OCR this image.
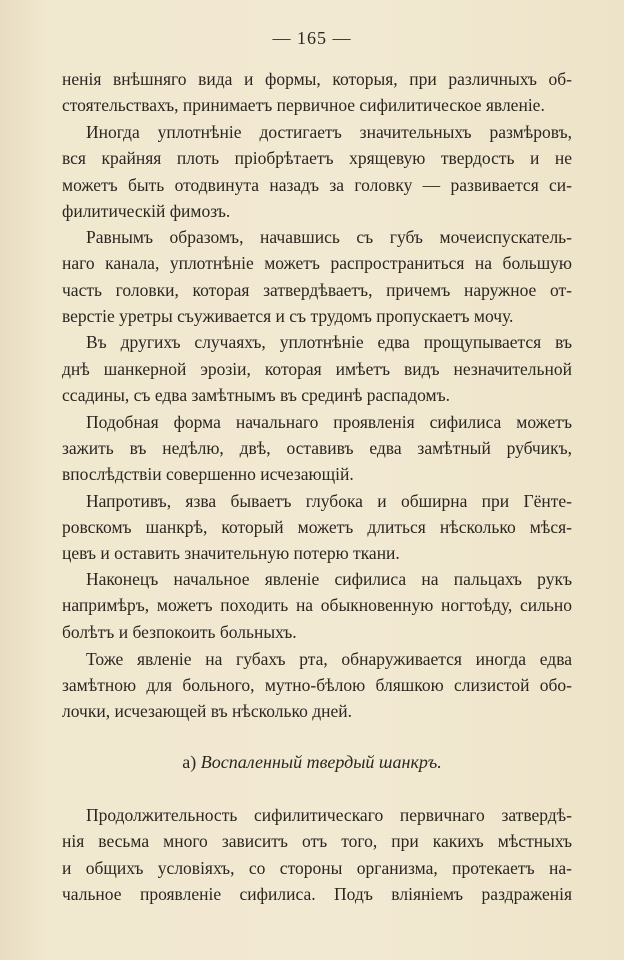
— 165 —
ненія внѣшняго вида и формы, которыя, при различныхъ об-
стоятельствахъ, принимаетъ первичное сифилитическое явленіе.
Иногда уплотнѣніе достигаетъ значительныхъ размѣровъ,
вся крайняя плоть пріобрѣтаетъ хрящевую твердость и не
можетъ быть отодвинута назадъ за головку — развивается си-
филитическій фимозъ.
Равнымъ образомъ, начавшись съ губъ мочеиспускатель-
наго канала, уплотнѣніе можетъ распространиться на большую
часть головки, которая затвердѣваетъ, причемъ наружное от-
верстіе уретры съуживается и съ трудомъ пропускаетъ мочу.
Въ другихъ случаяхъ, уплотнѣніе едва прощупывается въ
днѣ шанкерной эрозіи, которая имѣетъ видъ незначительной
ссадины, съ едва замѣтнымъ въ срединѣ распадомъ.
Подобная форма начальнаго проявленія сифилиса можетъ
зажить въ недѣлю, двѣ, оставивъ едва замѣтный рубчикъ,
впослѣдствіи совершенно исчезающій.
Напротивъ, язва бываетъ глубока и обширна при Гёнте-
ровскомъ шанкрѣ, который можетъ длиться нѣсколько мѣся-
цевъ и оставить значительную потерю ткани.
Наконецъ начальное явленіе сифилиса на пальцахъ рукъ
напримѣръ, можетъ походить на обыкновенную ногтоѣду, сильно
болѣтъ и безпокоить больныхъ.
Тоже явленіе на губахъ рта, обнаруживается иногда едва
замѣтною для больного, мутно-бѣлою бляшкою слизистой обо-
лочки, исчезающей въ нѣсколько дней.
а) Воспаленный твердый шанкръ.
Продолжительность сифилитическаго первичнаго затвердѣ-
нія весьма много зависитъ отъ того, при какихъ мѣстныхъ
и общихъ условіяхъ, со стороны организма, протекаетъ на-
чальное проявленіе сифилиса. Подъ вліяніемъ раздраженія
